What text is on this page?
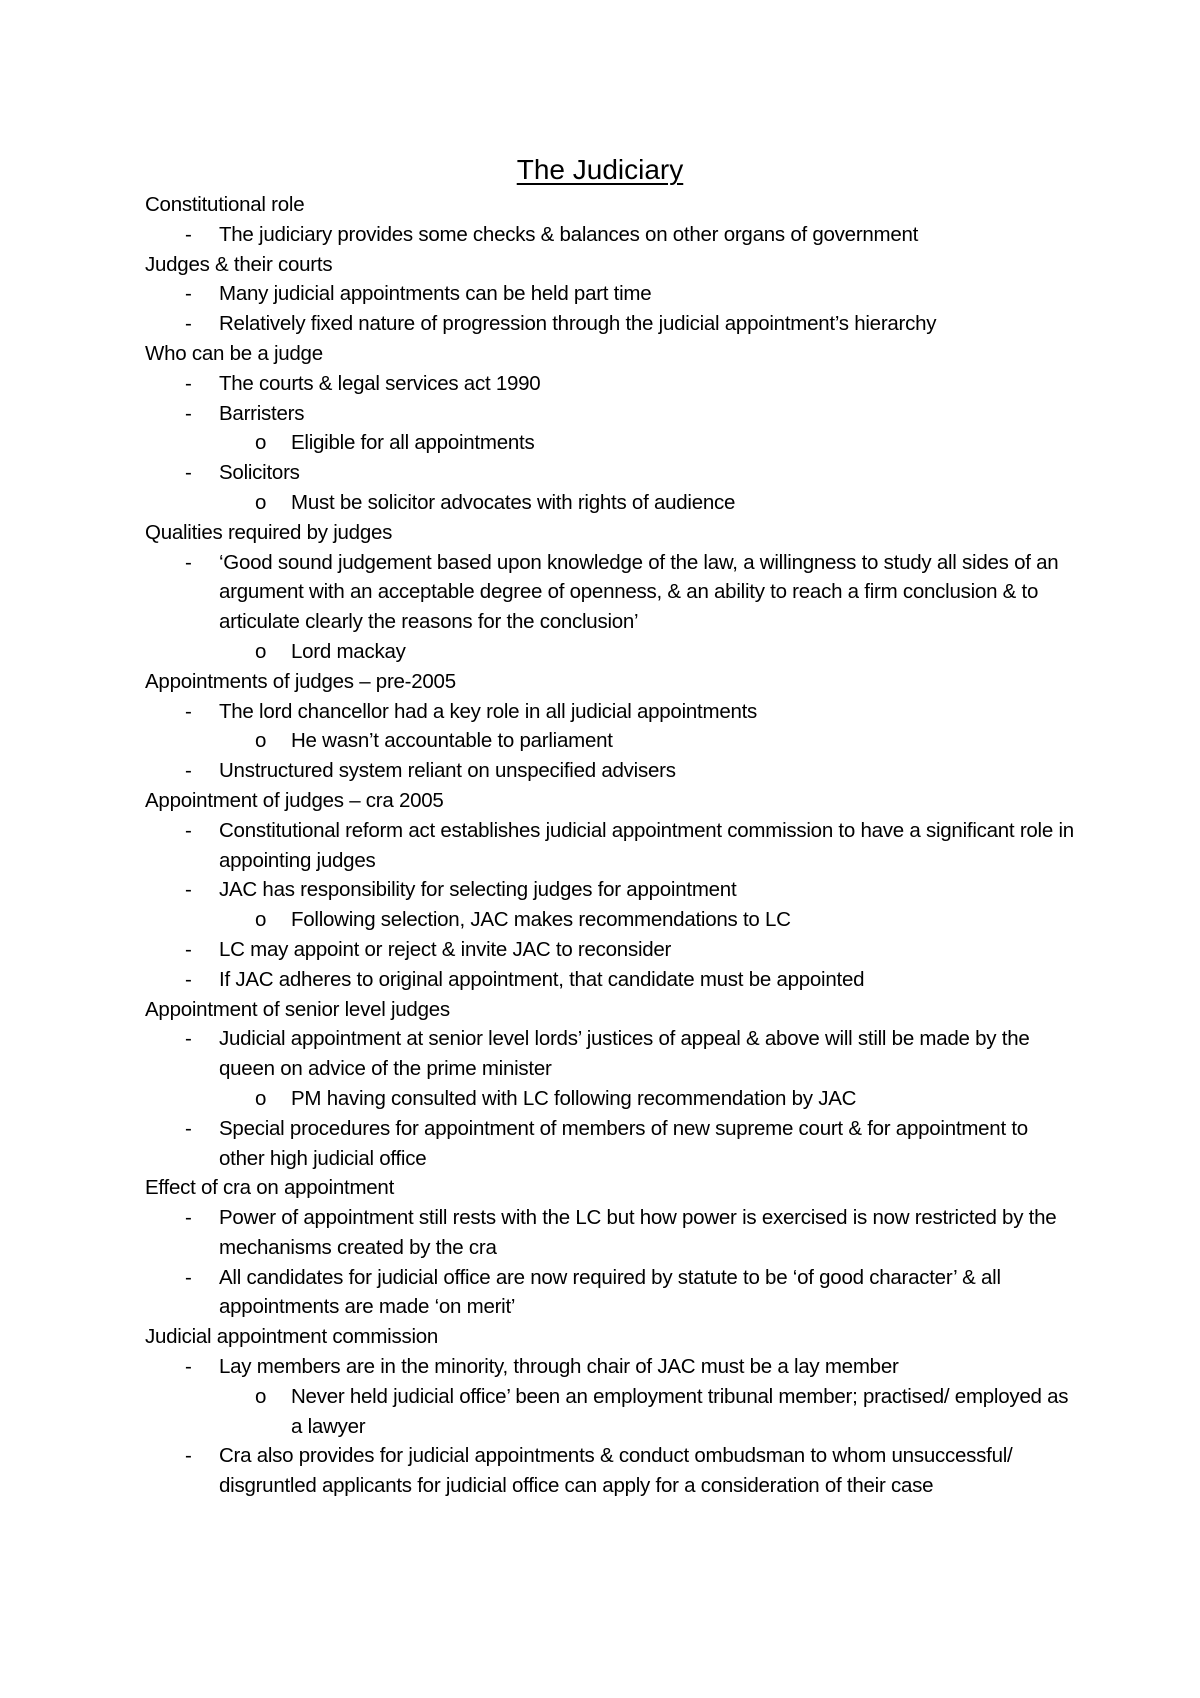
The Judiciary
Constitutional role
- The judiciary provides some checks & balances on other organs of government
Judges & their courts
- Many judicial appointments can be held part time
- Relatively fixed nature of progression through the judicial appointment’s hierarchy
Who can be a judge
- The courts & legal services act 1990
- Barristers
o Eligible for all appointments
- Solicitors
o Must be solicitor advocates with rights of audience
Qualities required by judges
- ‘Good sound judgement based upon knowledge of the law, a willingness to study all sides of an argument with an acceptable degree of openness, & an ability to reach a firm conclusion & to articulate clearly the reasons for the conclusion’
o Lord mackay
Appointments of judges – pre-2005
- The lord chancellor had a key role in all judicial appointments
o He wasn’t accountable to parliament
- Unstructured system reliant on unspecified advisers
Appointment of judges – cra 2005
- Constitutional reform act establishes judicial appointment commission to have a significant role in appointing judges
- JAC has responsibility for selecting judges for appointment
o Following selection, JAC makes recommendations to LC
- LC may appoint or reject & invite JAC to reconsider
- If JAC adheres to original appointment, that candidate must be appointed
Appointment of senior level judges
- Judicial appointment at senior level lords’ justices of appeal & above will still be made by the queen on advice of the prime minister
o PM having consulted with LC following recommendation by JAC
- Special procedures for appointment of members of new supreme court & for appointment to other high judicial office
Effect of cra on appointment
- Power of appointment still rests with the LC but how power is exercised is now restricted by the mechanisms created by the cra
- All candidates for judicial office are now required by statute to be ‘of good character’ & all appointments are made ‘on merit’
Judicial appointment commission
- Lay members are in the minority, through chair of JAC must be a lay member
o Never held judicial office’ been an employment tribunal member; practised/ employed as a lawyer
- Cra also provides for judicial appointments & conduct ombudsman to whom unsuccessful/ disgruntled applicants for judicial office can apply for a consideration of their case
